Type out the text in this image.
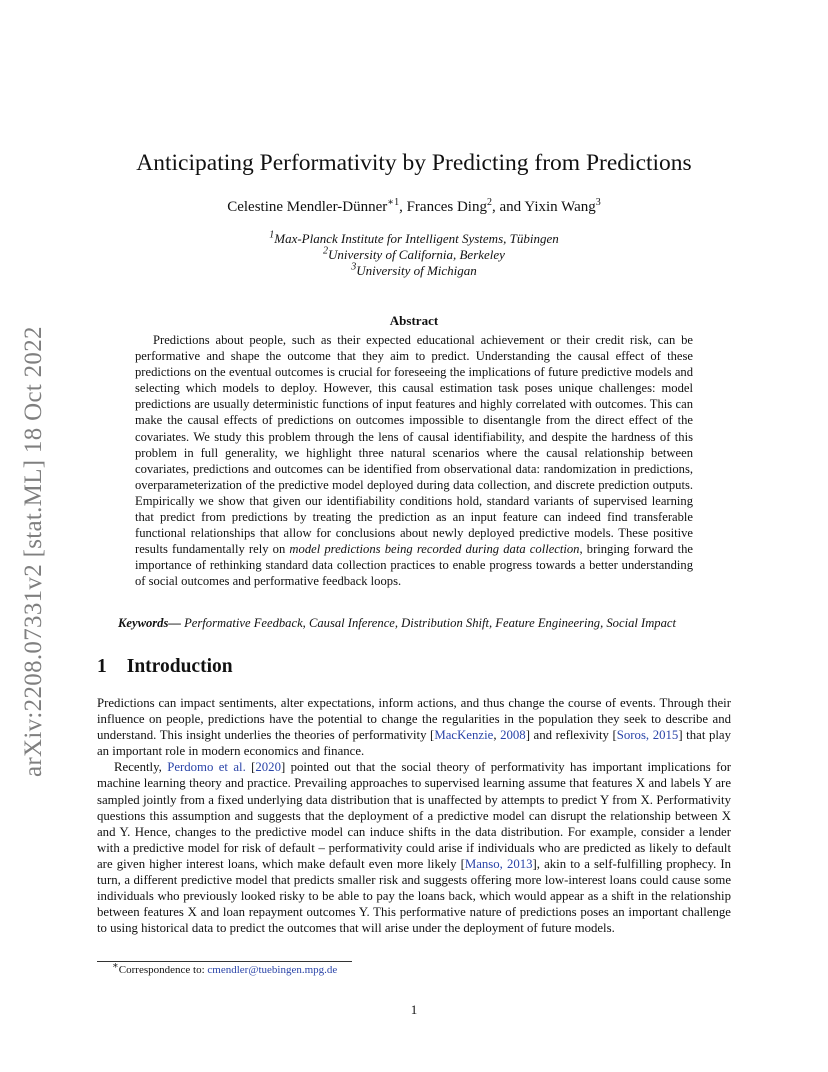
arXiv:2208.07331v2 [stat.ML] 18 Oct 2022
Anticipating Performativity by Predicting from Predictions
Celestine Mendler-Dünner$^{∗1}$, Frances Ding$^2$, and Yixin Wang$^3$
$^1$Max-Planck Institute for Intelligent Systems, Tübingen
$^2$University of California, Berkeley
$^3$University of Michigan
Abstract

Predictions about people, such as their expected educational achievement or their credit risk, can be performative and shape the outcome that they aim to predict. Understanding the causal effect of these predictions on the eventual outcomes is crucial for foreseeing the implications of future predictive models and selecting which models to deploy. However, this causal estimation task poses unique challenges: model predictions are usually deterministic functions of input features and highly correlated with outcomes. This can make the causal effects of predictions on outcomes impossible to disentangle from the direct effect of the covariates. We study this problem through the lens of causal identifiability, and despite the hardness of this problem in full generality, we highlight three natural scenarios where the causal relationship between covariates, predictions and outcomes can be identified from observational data: randomization in predictions, overparameterization of the predictive model deployed during data collection, and discrete prediction outputs. Empirically we show that given our identifiability conditions hold, standard variants of supervised learning that predict from predictions by treating the prediction as an input feature can indeed find transferable functional relationships that allow for conclusions about newly deployed predictive models. These positive results fundamentally rely on model predictions being recorded during data collection, bringing forward the importance of rethinking standard data collection practices to enable progress towards a better understanding of social outcomes and performative feedback loops.

Keywords— Performative Feedback, Causal Inference, Distribution Shift, Feature Engineering, Social Impact

1 Introduction

Predictions can impact sentiments, alter expectations, inform actions, and thus change the course of events. Through their influence on people, predictions have the potential to change the regularities in the population they seek to describe and understand. This insight underlies the theories of performativity [MacKenzie, 2008] and reflexivity [Soros, 2015] that play an important role in modern economics and finance.

Recently, Perdomo et al. [2020] pointed out that the social theory of performativity has important implications for machine learning theory and practice. Prevailing approaches to supervised learning assume that features X and labels Y are sampled jointly from a fixed underlying data distribution that is unaffected by attempts to predict Y from X. Performativity questions this assumption and suggests that the deployment of a predictive model can disrupt the relationship between X and Y. Hence, changes to the predictive model can induce shifts in the data distribution. For example, consider a lender with a predictive model for risk of default – performativity could arise if individuals who are predicted as likely to default are given higher interest loans, which make default even more likely [Manso, 2013], akin to a self-fulfilling prophecy. In turn, a different predictive model that predicts smaller risk and suggests offering more low-interest loans could cause some individuals who previously looked risky to be able to pay the loans back, which would appear as a shift in the relationship between features X and loan repayment outcomes Y. This performative nature of predictions poses an important challenge to using historical data to predict the outcomes that will arise under the deployment of future models.

∗Correspondence to: cmendler@tuebingen.mpg.de
1
